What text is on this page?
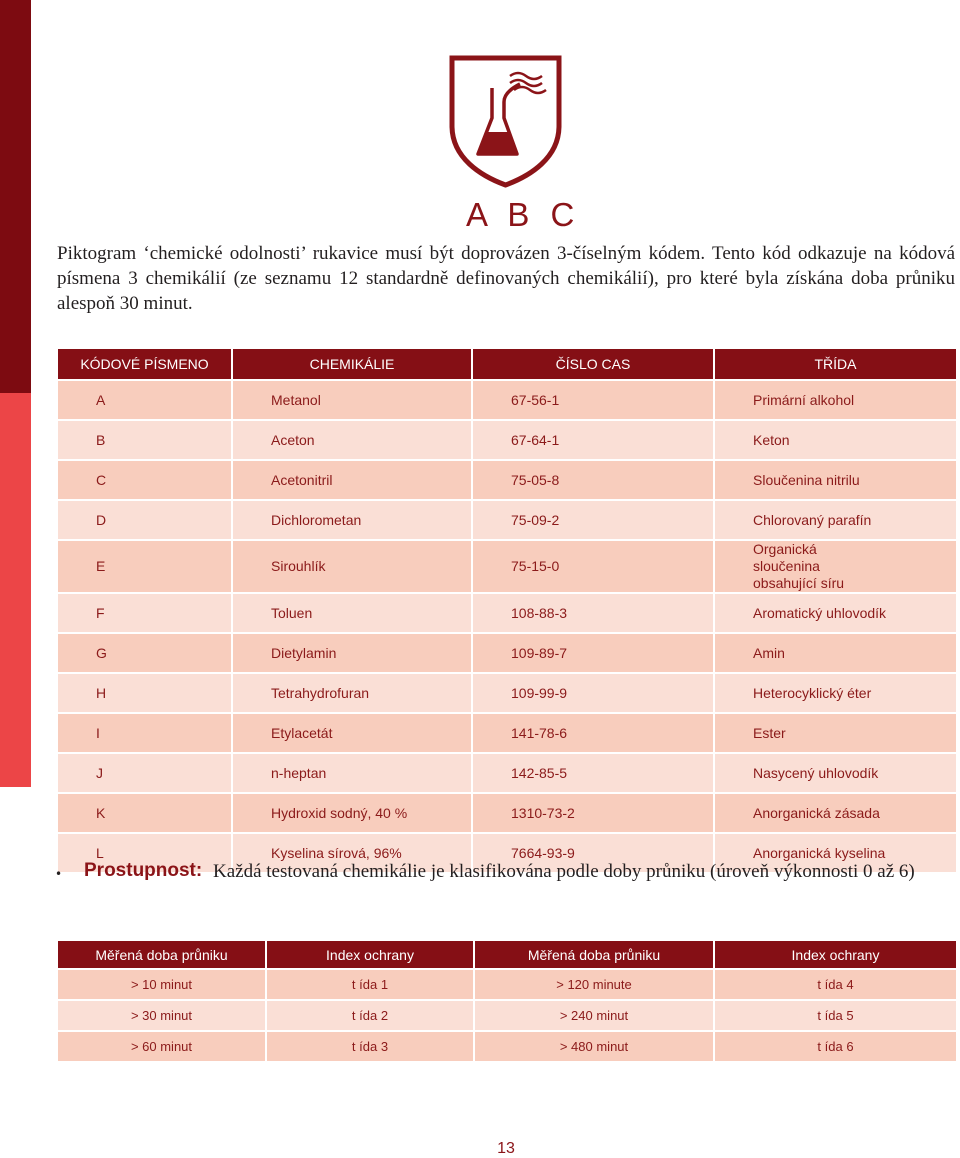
A B C

Piktogram ‘chemické odolnosti’ rukavice musí být doprovázen 3-číselným kódem. Tento kód odkazuje na kódová písmena 3 chemikálií (ze seznamu 12 standardně definovaných chemikálií), pro které byla získána doba průniku alespoň 30 minut.

KÓDOVÉ PÍSMENO	CHEMIKÁLIE	ČÍSLO CAS	TŘÍDA
A	Metanol	67-56-1	Primární alkohol
B	Aceton	67-64-1	Keton
C	Acetonitril	75-05-8	Sloučenina nitrilu
D	Dichlorometan	75-09-2	Chlorovaný parafín
E	Sirouhlík	75-15-0	Organická sloučenina obsahující síru
F	Toluen	108-88-3	Aromatický uhlovodík
G	Dietylamin	109-89-7	Amin
H	Tetrahydrofuran	109-99-9	Heterocyklický éter
I	Etylacetát	141-78-6	Ester
J	n-heptan	142-85-5	Nasycený uhlovodík
K	Hydroxid sodný, 40 %	1310-73-2	Anorganická zásada
L	Kyselina sírová, 96%	7664-93-9	Anorganická kyselina
• Prostupnost: Každá testovaná chemikálie je klasifikována podle doby průniku (úroveň výkonnosti 0 až 6)
Měřená doba průniku	Index ochrany	Měřená doba průniku	Index ochrany
> 10 minut	t ída 1	> 120 minute	t ída 4
> 30 minut	t ída 2	> 240 minut	t ída 5
> 60 minut	t ída 3	> 480 minut	t ída 6
13
